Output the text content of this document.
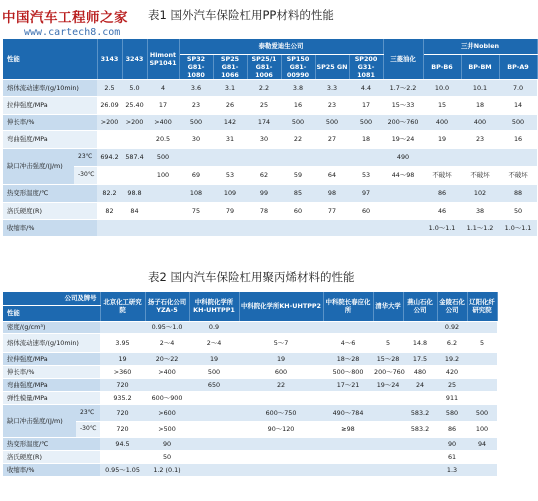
中国汽车工程师之家
www.cartech8.com
表1 国外汽车保险杠用PP材料的性能
性能		3143	3243	Himont SP1041	泰勒爱迪生公司						三菱油化	三井Noblen		
					SP32 G81-1080	SP25 G81-1066	SP25/1 G81-1006	SP150 G81-00990	SP25 GN	SP200 G31-1081		BP-B6	BP-BM	BP-A9
熔体流动速率/(g/10min)		2.5	5.0	4	3.6	3.1	2.2	3.8	3.3	4.4	1.7～2.2	10.0	10.1	7.0
拉伸强度/MPa		26.09	25.40	17	23	26	25	16	23	17	15～33	15	18	14
伸长率/%		>200	>200	>400	500	142	174	500	500	500	200～760	400	400	500
弯曲强度/MPa				20.5	30	31	30	22	27	18	19～24	19	23	16
缺口冲击强度/(J/m)	23℃	694.2	587.4	500							490			
	-30℃			100	69	53	62	59	64	53	44～98	不破坏	不破坏	不破坏
热变形温度/℃		82.2	98.8		108	109	99	85	98	97		86	102	88
洛氏硬度(R)		82	84		75	79	78	60	77	60		46	38	50
收缩率/%												1.0～1.1	1.1～1.2	1.0～1.1
表2 国内汽车保险杠用聚丙烯材料的性能
公司及牌号		北京化工研究院	扬子石化公司YZA-5	中科院化学所KH-UHTPP1	中科院化学所KH-UHTPP2	中科院长春应化所	清华大学	燕山石化公司	金陵石化公司	辽阳化纤研究院
性能										
密度/(g/cm³)			0.95～1.0	0.9					0.92	
熔体流动速率/(g/10min)		3.95	2～4	2～4	5～7	4～6	5	14.8	6.2	5
拉伸强度/MPa		19	20～22	19	19	18～28	15～28	17.5	19.2	
伸长率/%		>360	>400	500	600	500～800	200～760	480	420	
弯曲强度/MPa		720		650	22	17～21	19～24	24	25	
弹性模量/MPa		935.2	600～900						911	
缺口冲击强度/(J/m)	23℃	720	>600		600～750	490～784		583.2	580	500
	-30℃	720	>500		90～120	≥98		583.2	86	100
热变形温度/℃		94.5	90						90	94
洛氏硬度(R)			50						61	
收缩率/%		0.95～1.05	1.2 (0.1)						1.3	
